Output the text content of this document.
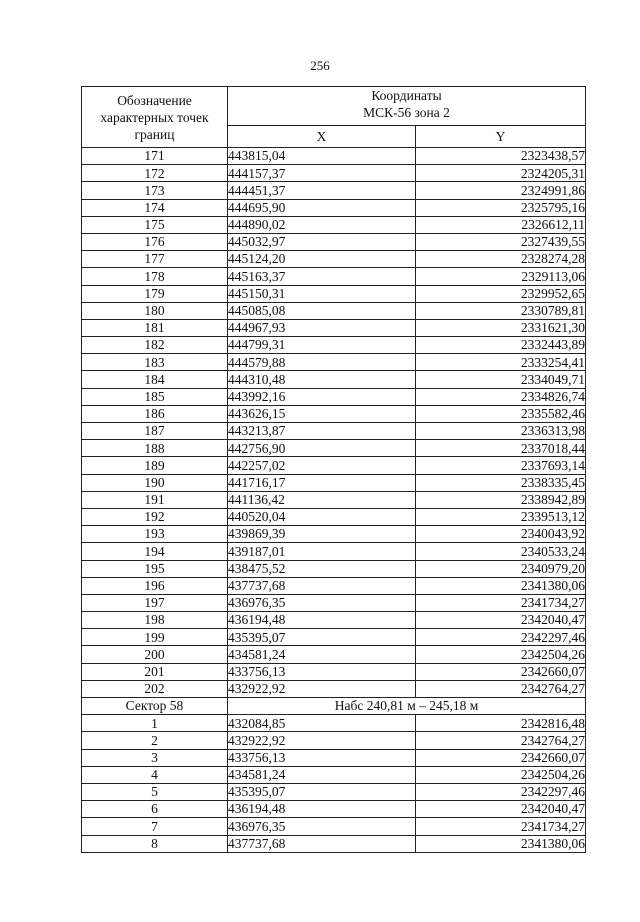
256
Обозначение характерных точек границ	Координаты
МСК-56 зона 2	

	X	Y
171	443815,04	2323438,57
172	444157,37	2324205,31
173	444451,37	2324991,86
174	444695,90	2325795,16
175	444890,02	2326612,11
176	445032,97	2327439,55
177	445124,20	2328274,28
178	445163,37	2329113,06
179	445150,31	2329952,65
180	445085,08	2330789,81
181	444967,93	2331621,30
182	444799,31	2332443,89
183	444579,88	2333254,41
184	444310,48	2334049,71
185	443992,16	2334826,74
186	443626,15	2335582,46
187	443213,87	2336313,98
188	442756,90	2337018,44
189	442257,02	2337693,14
190	441716,17	2338335,45
191	441136,42	2338942,89
192	440520,04	2339513,12
193	439869,39	2340043,92
194	439187,01	2340533,24
195	438475,52	2340979,20
196	437737,68	2341380,06
197	436976,35	2341734,27
198	436194,48	2342040,47
199	435395,07	2342297,46
200	434581,24	2342504,26
201	433756,13	2342660,07
202	432922,92	2342764,27
Сектор 58	Набс 240,81 м – 245,18 м	
1	432084,85	2342816,48
2	432922,92	2342764,27
3	433756,13	2342660,07
4	434581,24	2342504,26
5	435395,07	2342297,46
6	436194,48	2342040,47
7	436976,35	2341734,27
8	437737,68	2341380,06
